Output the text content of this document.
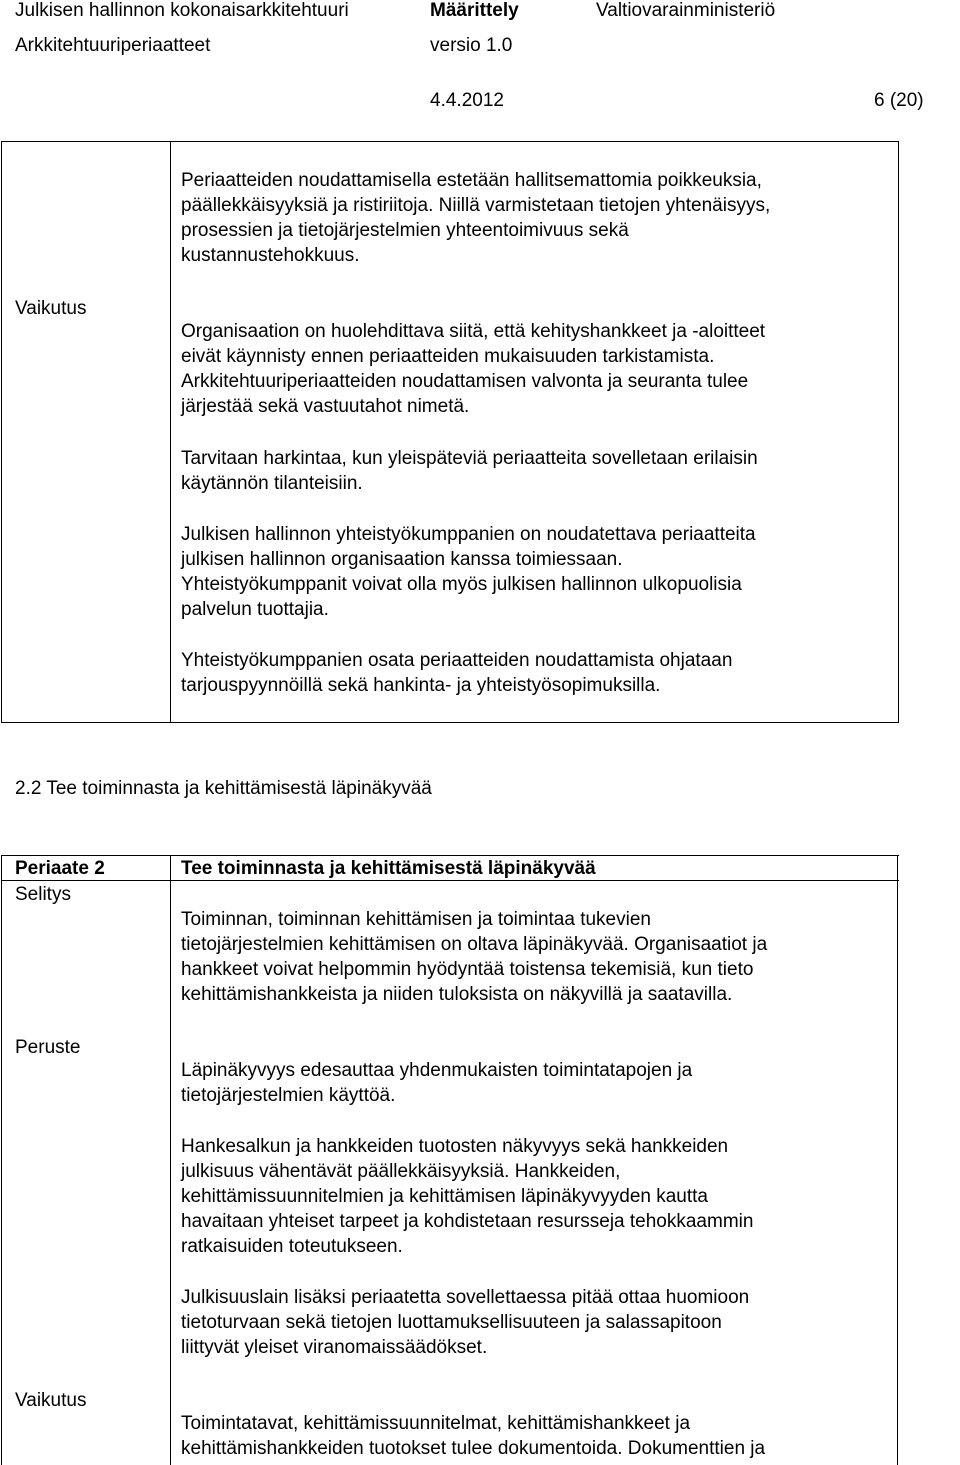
Julkisen hallinnon kokonaisarkkitehtuuri
Arkkitehtuuriperiaatteet
Määrittely
versio 1.0
Valtiovarainministeriö
4.4.2012	6 (20)
Periaatteiden noudattamisella estetään hallitsemattomia poikkeuksia,
päällekkäisyyksiä ja ristiriitoja. Niillä varmistetaan tietojen yhtenäisyys,
prosessien ja tietojärjestelmien yhteentoimivuus sekä
kustannustehokkuus.
Vaikutus
Organisaation on huolehdittava siitä, että kehityshankkeet ja -aloitteet
eivät käynnisty ennen periaatteiden mukaisuuden tarkistamista.
Arkkitehtuuriperiaatteiden noudattamisen valvonta ja seuranta tulee
järjestää sekä vastuutahot nimetä.
Tarvitaan harkintaa, kun yleispäteviä periaatteita sovelletaan erilaisin
käytännön tilanteisiin.
Julkisen hallinnon yhteistyökumppanien on noudatettava periaatteita
julkisen hallinnon organisaation kanssa toimiessaan.
Yhteistyökumppanit voivat olla myös julkisen hallinnon ulkopuolisia
palvelun tuottajia.
Yhteistyökumppanien osata periaatteiden noudattamista ohjataan
tarjouspyynnöillä sekä hankinta- ja yhteistyösopimuksilla.
2.2 Tee toiminnasta ja kehittämisestä läpinäkyvää
Periaate 2	Tee toiminnasta ja kehittämisestä läpinäkyvää
Selitys
Toiminnan, toiminnan kehittämisen ja toimintaa tukevien
tietojärjestelmien kehittämisen on oltava läpinäkyvää. Organisaatiot ja
hankkeet voivat helpommin hyödyntää toistensa tekemisiä, kun tieto
kehittämishankkeista ja niiden tuloksista on näkyvillä ja saatavilla.
Peruste
Läpinäkyvyys edesauttaa yhdenmukaisten toimintatapojen ja
tietojärjestelmien käyttöä.
Hankesalkun ja hankkeiden tuotosten näkyvyys sekä hankkeiden
julkisuus vähentävät päällekkäisyyksiä. Hankkeiden,
kehittämissuunnitelmien ja kehittämisen läpinäkyvyyden kautta
havaitaan yhteiset tarpeet ja kohdistetaan resursseja tehokkaammin
ratkaisuiden toteutukseen.
Julkisuuslain lisäksi periaatetta sovellettaessa pitää ottaa huomioon
tietoturvaan sekä tietojen luottamuksellisuuteen ja salassapitoon
liittyvät yleiset viranomaissäädökset.
Vaikutus
Toimintatavat, kehittämissuunnitelmat, kehittämishankkeet ja
kehittämishankkeiden tuotokset tulee dokumentoida. Dokumenttien ja
